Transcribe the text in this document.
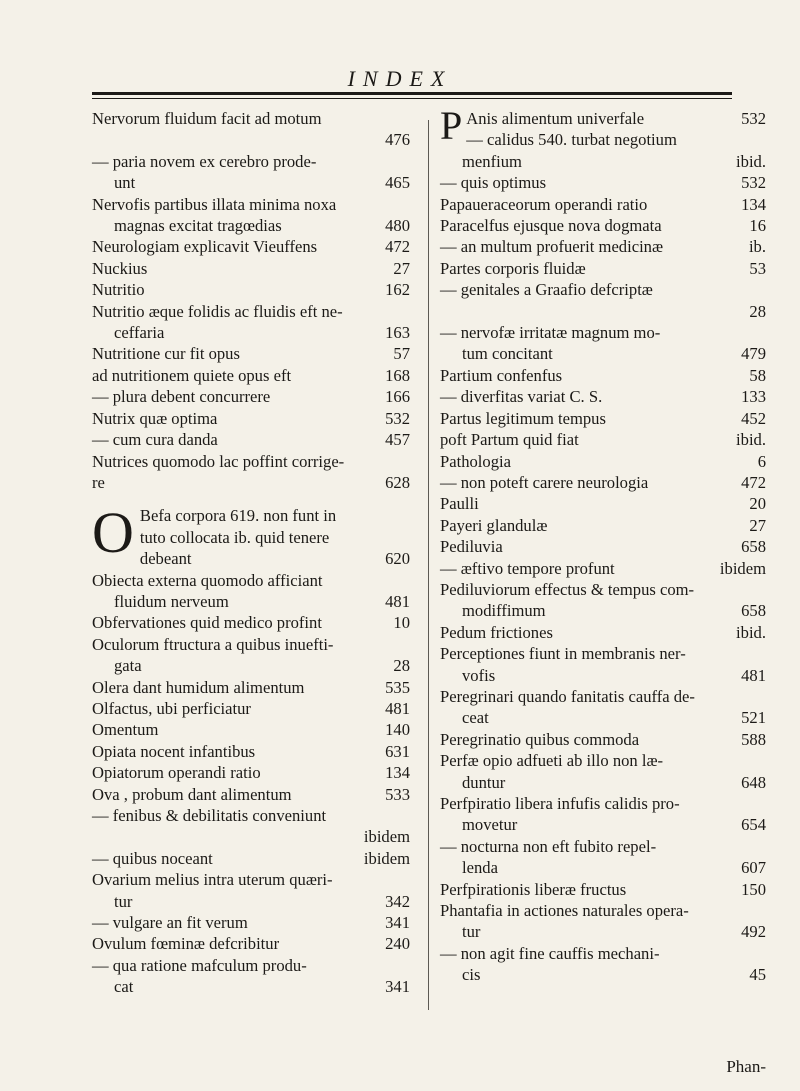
INDEX
Nervorum fluidum facit ad motum
476

— paria novem ex cerebro prode-
465
unt
Nervofis partibus illata minima noxa
480
magnas excitat tragœdias
472
Neurologiam explicavit Vieuffens
27
Nuckius
162
Nutritio
Nutritio æque folidis ac fluidis eft ne-
163
ceffaria
57
Nutritione cur fit opus
168
ad nutritionem quiete opus eft
166
— plura debent concurrere
532
Nutrix quæ optima
457
— cum cura danda
Nutrices quomodo lac poffint corrige-
628
re
O Befa corpora 619. non funt in
tuto collocata ib. quid tenere
620
debeant
Obiecta externa quomodo afficiant
481
fluidum nerveum
10
Obfervationes quid medico profint
Oculorum ftructura a quibus inuefti-
28
gata
535
Olera dant humidum alimentum
481
Olfactus, ubi perficiatur
140
Omentum
631
Opiata nocent infantibus
134
Opiatorum operandi ratio
533
Ova , probum dant alimentum
— fenibus & debilitatis conveniunt
ibidem

ibidem
— quibus noceant
Ovarium melius intra uterum quæri-
342
tur
341
— vulgare an fit verum
240
Ovulum fœminæ defcribitur
— qua ratione mafculum produ-
341
cat
P	532
Anis alimentum univerfale
— calidus 540. turbat negotium
ibid.
menfium
532
— quis optimus
134
Papaueraceorum operandi ratio
16
Paracelfus ejusque nova dogmata
ib.
— an multum profuerit medicinæ
53
Partes corporis fluidæ
— genitales a Graafio defcriptæ
28

— nervofæ irritatæ magnum mo-
479
tum concitant
58
Partium confenfus
133
— diverfitas variat C. S.
452
Partus legitimum tempus
ibid.
poft Partum quid fiat
6
Pathologia
472
— non poteft carere neurologia
20
Paulli
27
Payeri glandulæ
658
Pediluvia
ibidem
— æftivo tempore profunt
Pediluviorum effectus & tempus com-
658
modiffimum
ibid.
Pedum frictiones
Perceptiones fiunt in membranis ner-
481
vofis
Peregrinari quando fanitatis cauffa de-
521
ceat
588
Peregrinatio quibus commoda
Perfæ opio adfueti ab illo non læ-
648
duntur
Perfpiratio libera infufis calidis pro-
654
movetur
— nocturna non eft fubito repel-
607
lenda
150
Perfpirationis liberæ fructus
Phantafia in actiones naturales opera-
492
tur
— non agit fine cauffis mechani-
45
cis
Phan-
